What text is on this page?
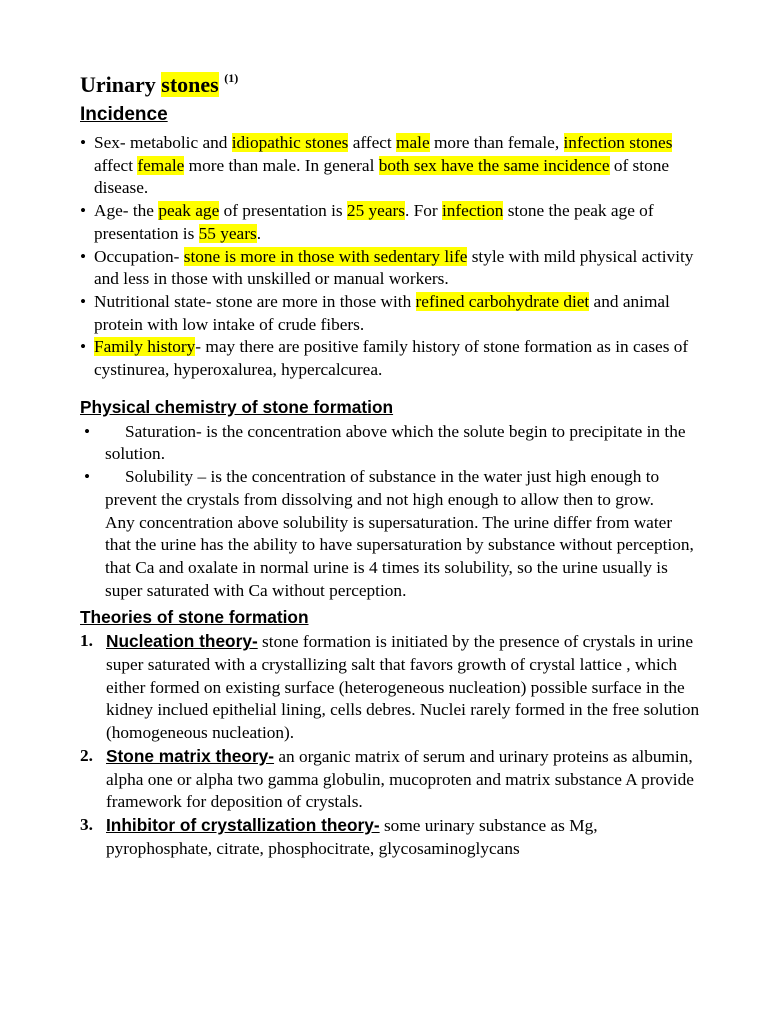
Urinary stones $^{(1)}$
Incidence
• Sex- metabolic and idiopathic stones affect male more than female, infection stones affect female more than male. In general both sex have the same incidence of stone disease.
• Age- the peak age of presentation is 25 years. For infection stone the peak age of presentation is 55 years.
• Occupation- stone is more in those with sedentary life style with mild physical activity and less in those with unskilled or manual workers.
• Nutritional state- stone are more in those with refined carbohydrate diet and animal protein with low intake of crude fibers.
• Family history- may there are positive family history of stone formation as in cases of cystinurea, hyperoxalurea, hypercalcurea.
Physical chemistry of stone formation
• Saturation- is the concentration above which the solute begin to precipitate in the solution.
• Solubility – is the concentration of substance in the water just high enough to prevent the crystals from dissolving and not high enough to allow then to grow.
Any concentration above solubility is supersaturation. The urine differ from water that the urine has the ability to have supersaturation by substance without perception, that Ca and oxalate in normal urine is 4 times its solubility, so the urine usually is super saturated with Ca without perception.
Theories of stone formation
1. Nucleation theory- stone formation is initiated by the presence of crystals in urine super saturated with a crystallizing salt that favors growth of crystal lattice , which either formed on existing surface (heterogeneous nucleation) possible surface in the kidney inclued epithelial lining, cells debres. Nuclei rarely formed in the free solution (homogeneous nucleation).
2. Stone matrix theory- an organic matrix of serum and urinary proteins as albumin, alpha one or alpha two gamma globulin, mucoproten and matrix substance A provide framework for deposition of crystals.
3. Inhibitor of crystallization theory- some urinary substance as Mg, pyrophosphate, citrate, phosphocitrate, glycosaminoglycans
